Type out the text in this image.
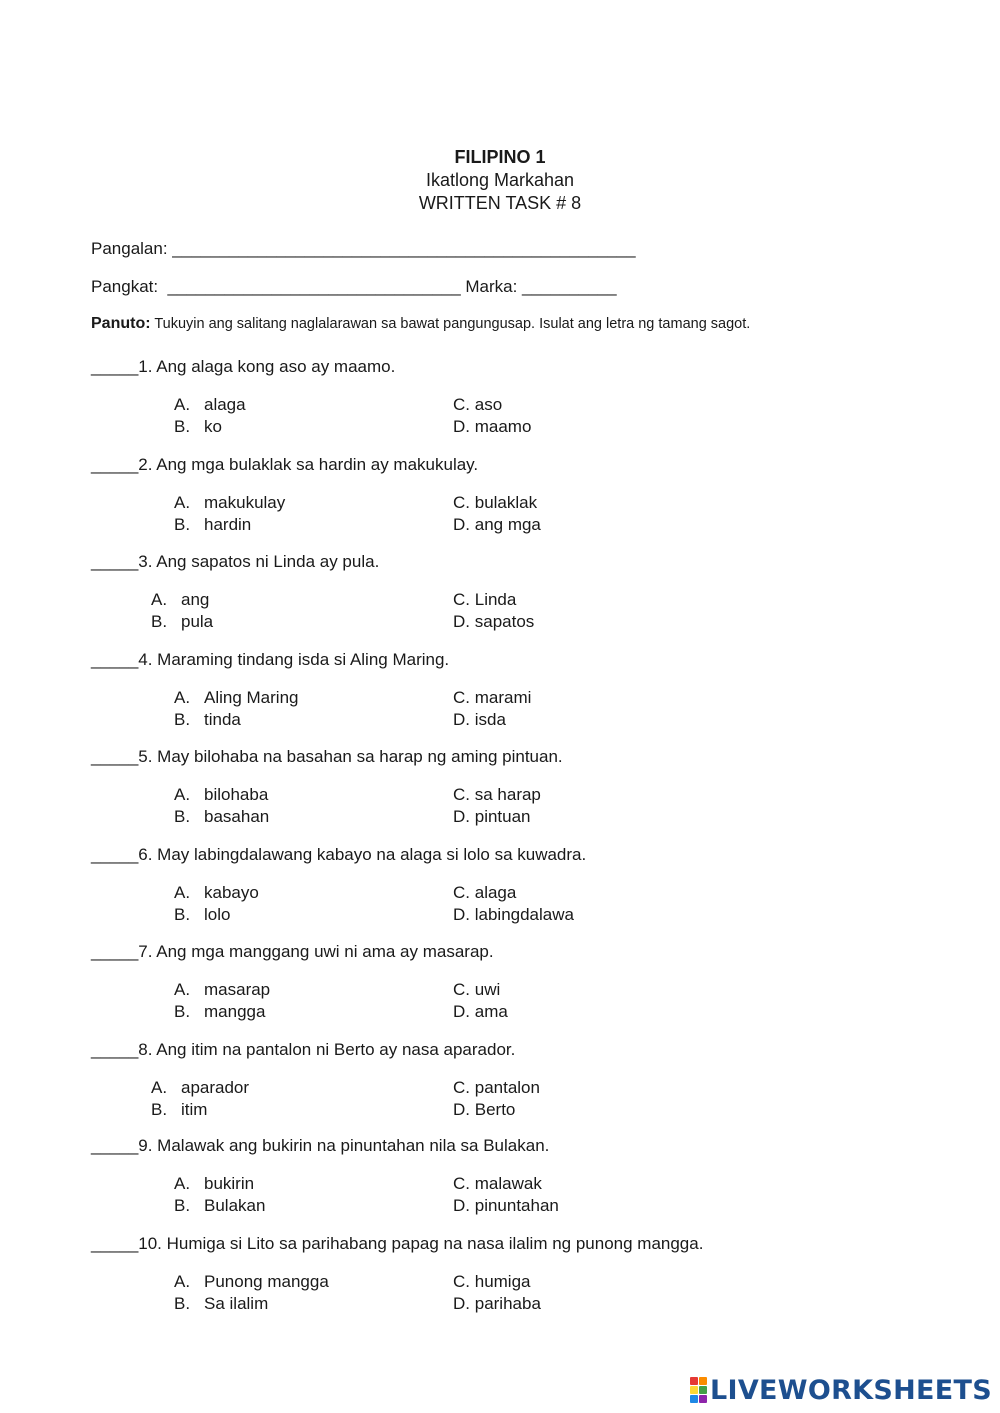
FILIPINO 1
Ikatlong Markahan
WRITTEN TASK # 8
Pangalan: _________________________________________________
Pangkat:  _______________________________ Marka: __________
Panuto: Tukuyin ang salitang naglalarawan sa bawat pangungusap. Isulat ang letra ng tamang sagot.
_____1. Ang alaga kong aso ay maamo.
A. alaga	C. aso
B. ko	D. maamo
_____2. Ang mga bulaklak sa hardin ay makukulay.
A. makukulay	C. bulaklak
B. hardin	D. ang mga
_____3. Ang sapatos ni Linda ay pula.
A. ang	C. Linda
B. pula	D. sapatos
_____4. Maraming tindang isda si Aling Maring.
A. Aling Maring	C. marami
B. tinda	D. isda
_____5. May bilohaba na basahan sa harap ng aming pintuan.
A. bilohaba	C. sa harap
B. basahan	D. pintuan
_____6. May labingdalawang kabayo na alaga si lolo sa kuwadra.
A. kabayo	C. alaga
B. lolo	D. labingdalawa
_____7. Ang mga manggang uwi ni ama ay masarap.
A. masarap	C. uwi
B. mangga	D. ama
_____8. Ang itim na pantalon ni Berto ay nasa aparador.
A. aparador	C. pantalon
B. itim	D. Berto
_____9. Malawak ang bukirin na pinuntahan nila sa Bulakan.
A. bukirin	C. malawak
B. Bulakan	D. pinuntahan
_____10. Humiga si Lito sa parihabang papag na nasa ilalim ng punong mangga.
A. Punong mangga	C. humiga
B. Sa ilalim	D. parihaba
LIVEWORKSHEETS
